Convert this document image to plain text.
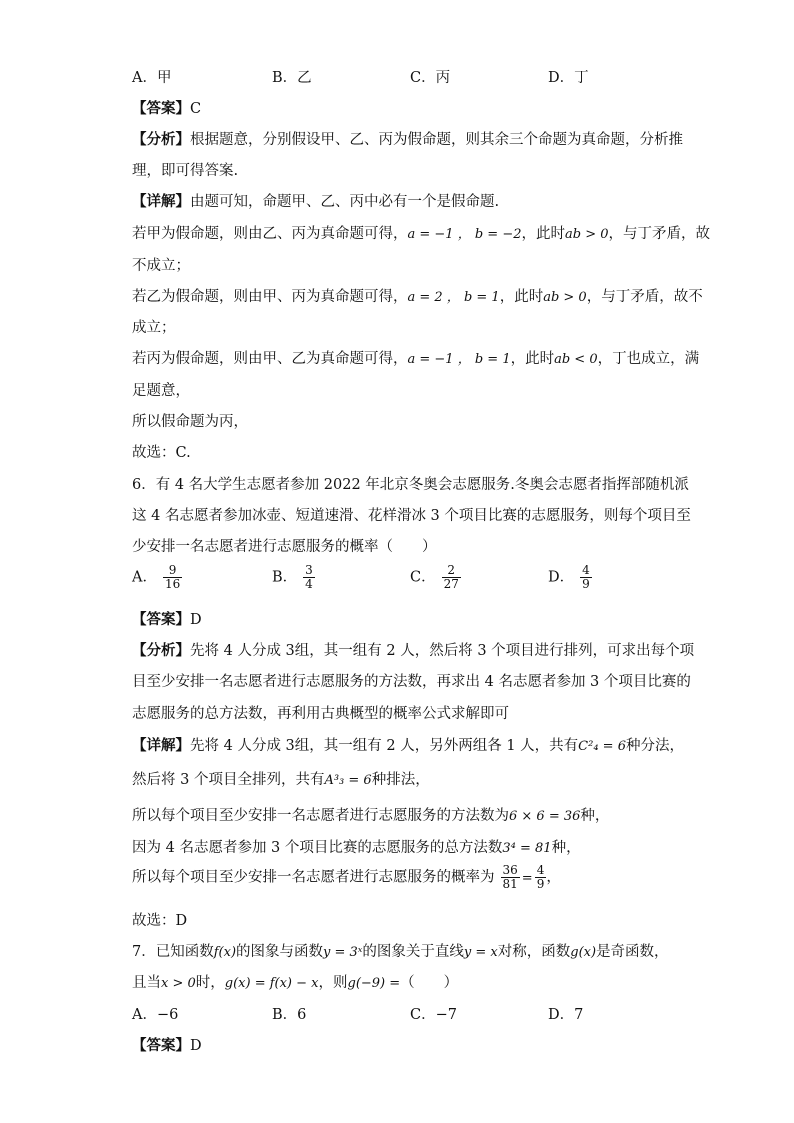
A．甲	B．乙	C．丙	D．丁
【答案】C
【分析】根据题意，分别假设甲、乙、丙为假命题，则其余三个命题为真命题，分析推
理，即可得答案.
【详解】由题可知，命题甲、乙、丙中必有一个是假命题.
若甲为假命题，则由乙、丙为真命题可得，a = −1 ， b = −2，此时ab > 0，与丁矛盾，故
不成立；
若乙为假命题，则由甲、丙为真命题可得，a = 2 ， b = 1，此时ab > 0，与丁矛盾，故不
成立；
若丙为假命题，则由甲、乙为真命题可得，a = −1 ， b = 1，此时ab < 0，丁也成立，满
足题意，
所以假命题为丙，
故选：C.
6．有 4 名大学生志愿者参加 2022 年北京冬奥会志愿服务.冬奥会志愿者指挥部随机派
这 4 名志愿者参加冰壶、短道速滑、花样滑冰 3 个项目比赛的志愿服务，则每个项目至
少安排一名志愿者进行志愿服务的概率（　　）
A． $\frac{9}{16}$	B． $\frac{3}{4}$	C． $\frac{2}{27}$	D． $\frac{4}{9}$
【答案】D
【分析】先将 4 人分成 3组，其一组有 2 人，然后将 3 个项目进行排列，可求出每个项
目至少安排一名志愿者进行志愿服务的方法数，再求出 4 名志愿者参加 3 个项目比赛的
志愿服务的总方法数，再利用古典概型的概率公式求解即可
【详解】先将 4 人分成 3组，其一组有 2 人，另外两组各 1 人，共有C²₄ = 6种分法，
然后将 3 个项目全排列，共有A³₃ = 6种排法，
所以每个项目至少安排一名志愿者进行志愿服务的方法数为6 × 6 = 36种，
因为 4 名志愿者参加 3 个项目比赛的志愿服务的总方法数3⁴ = 81种，
所以每个项目至少安排一名志愿者进行志愿服务的概率为 $\frac{36}{81} = \frac{4}{9}$ ，
故选：D
7．已知函数f(x)的图象与函数y = 3ˣ的图象关于直线y = x对称，函数g(x)是奇函数，
且当x > 0时，g(x) = f(x) − x，则g(−9) =（　　）
A．−6	B．6	C．−7	D．7
【答案】D
